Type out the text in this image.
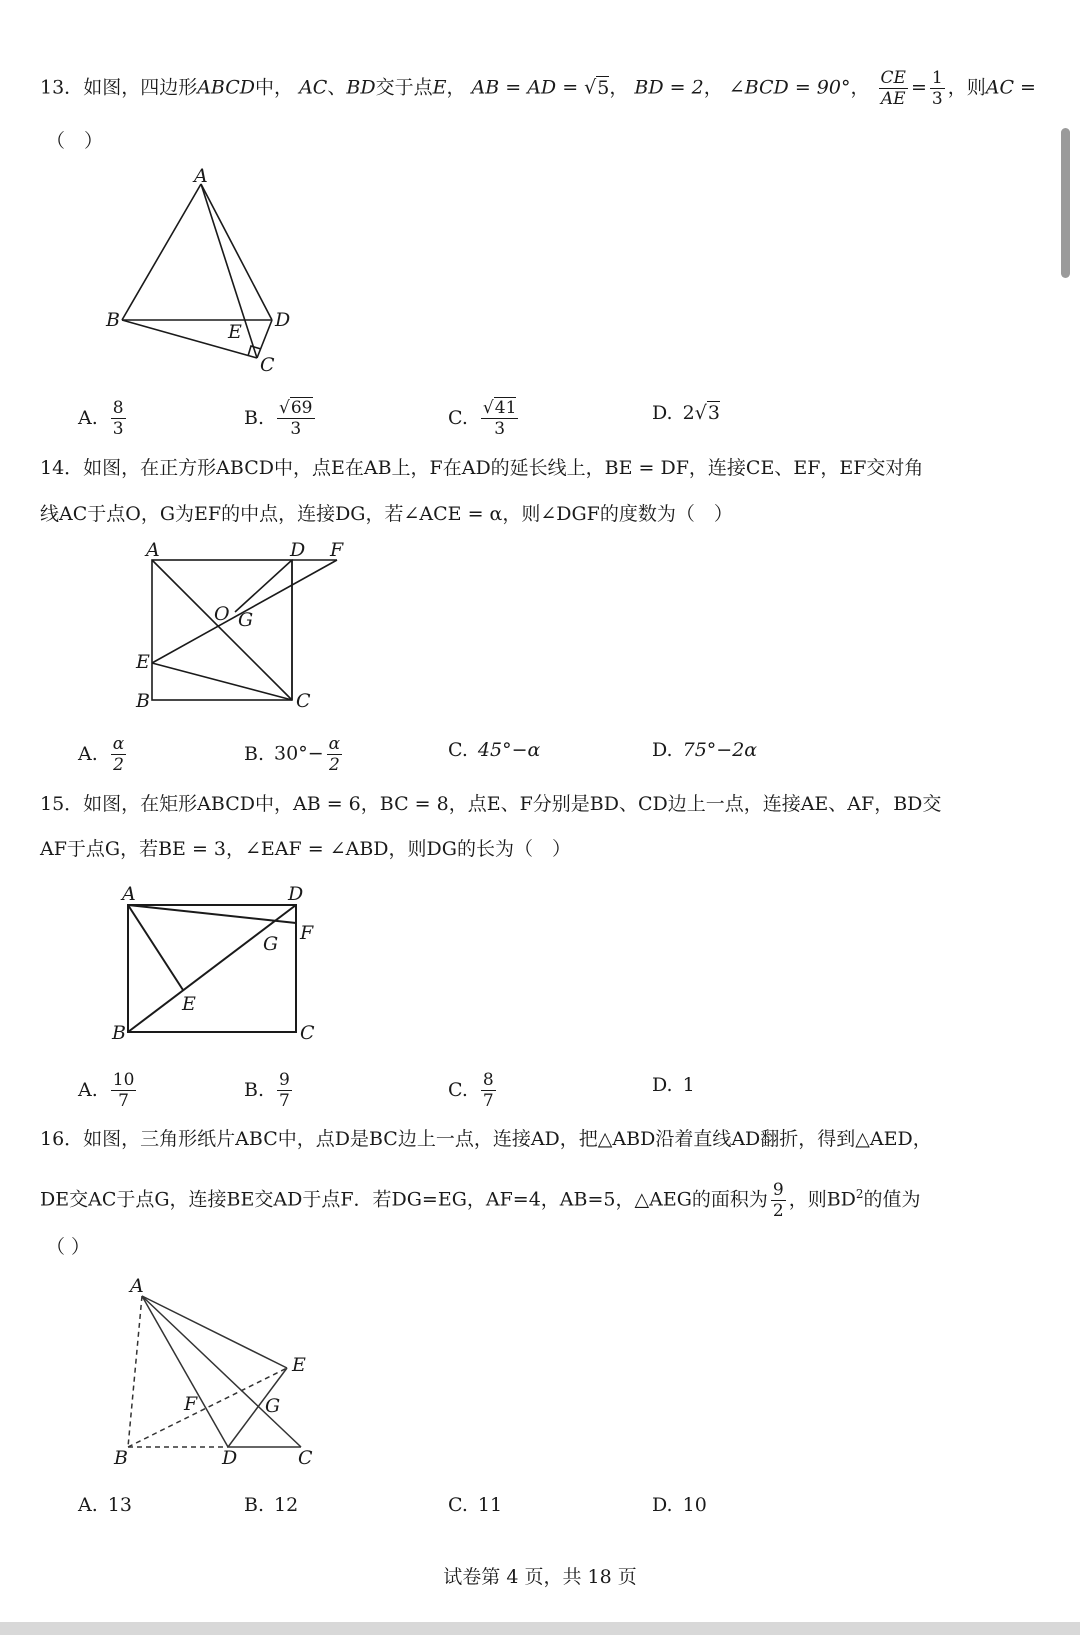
13．如图，四边形ABCD中， AC、BD交于点E， AB = AD = √5， BD = 2， ∠BCD = 90°， $\frac{CE}{AE} = \frac{1}{3}$ ，则AC =
（　）
A
B	D
E
C
A. $\frac{8}{3}$	B. $\frac{√69}{3}$	C. $\frac{√41}{3}$	D. 2√3
14．如图，在正方形ABCD中，点E在AB上，F在AD的延长线上，BE = DF，连接CE、EF，EF交对角
线AC于点O，G为EF的中点，连接DG，若∠ACE = α，则∠DGF的度数为（　）
A	D F
O G
E
B	C
A. $\frac{\alpha}{2}$	B. $30^\circ- \frac{\alpha}{2}$	C. 45°−α	D. 75°−2α
15．如图，在矩形ABCD中，AB = 6，BC = 8，点E、F分别是BD、CD边上一点，连接AE、AF，BD交
AF于点G，若BE = 3，∠EAF = ∠ABD，则DG的长为（　）
A	D
F
G
E
B	C
A. $\frac{10}{7}$	B. $\frac{9}{7}$	C. $\frac{8}{7}$	D. 1
16．如图，三角形纸片ABC中，点D是BC边上一点，连接AD，把△ABD沿着直线AD翻折，得到△AED，
DE交AC于点G，连接BE交AD于点F．若DG=EG，AF=4，AB=5，△AEG的面积为 $\frac{9}{2}$ ，则$BD^2$的值为
（ ）
A
E
F	G
B	D	C
A. 13	B. 12	C. 11	D. 10
试卷第 4 页，共 18 页
